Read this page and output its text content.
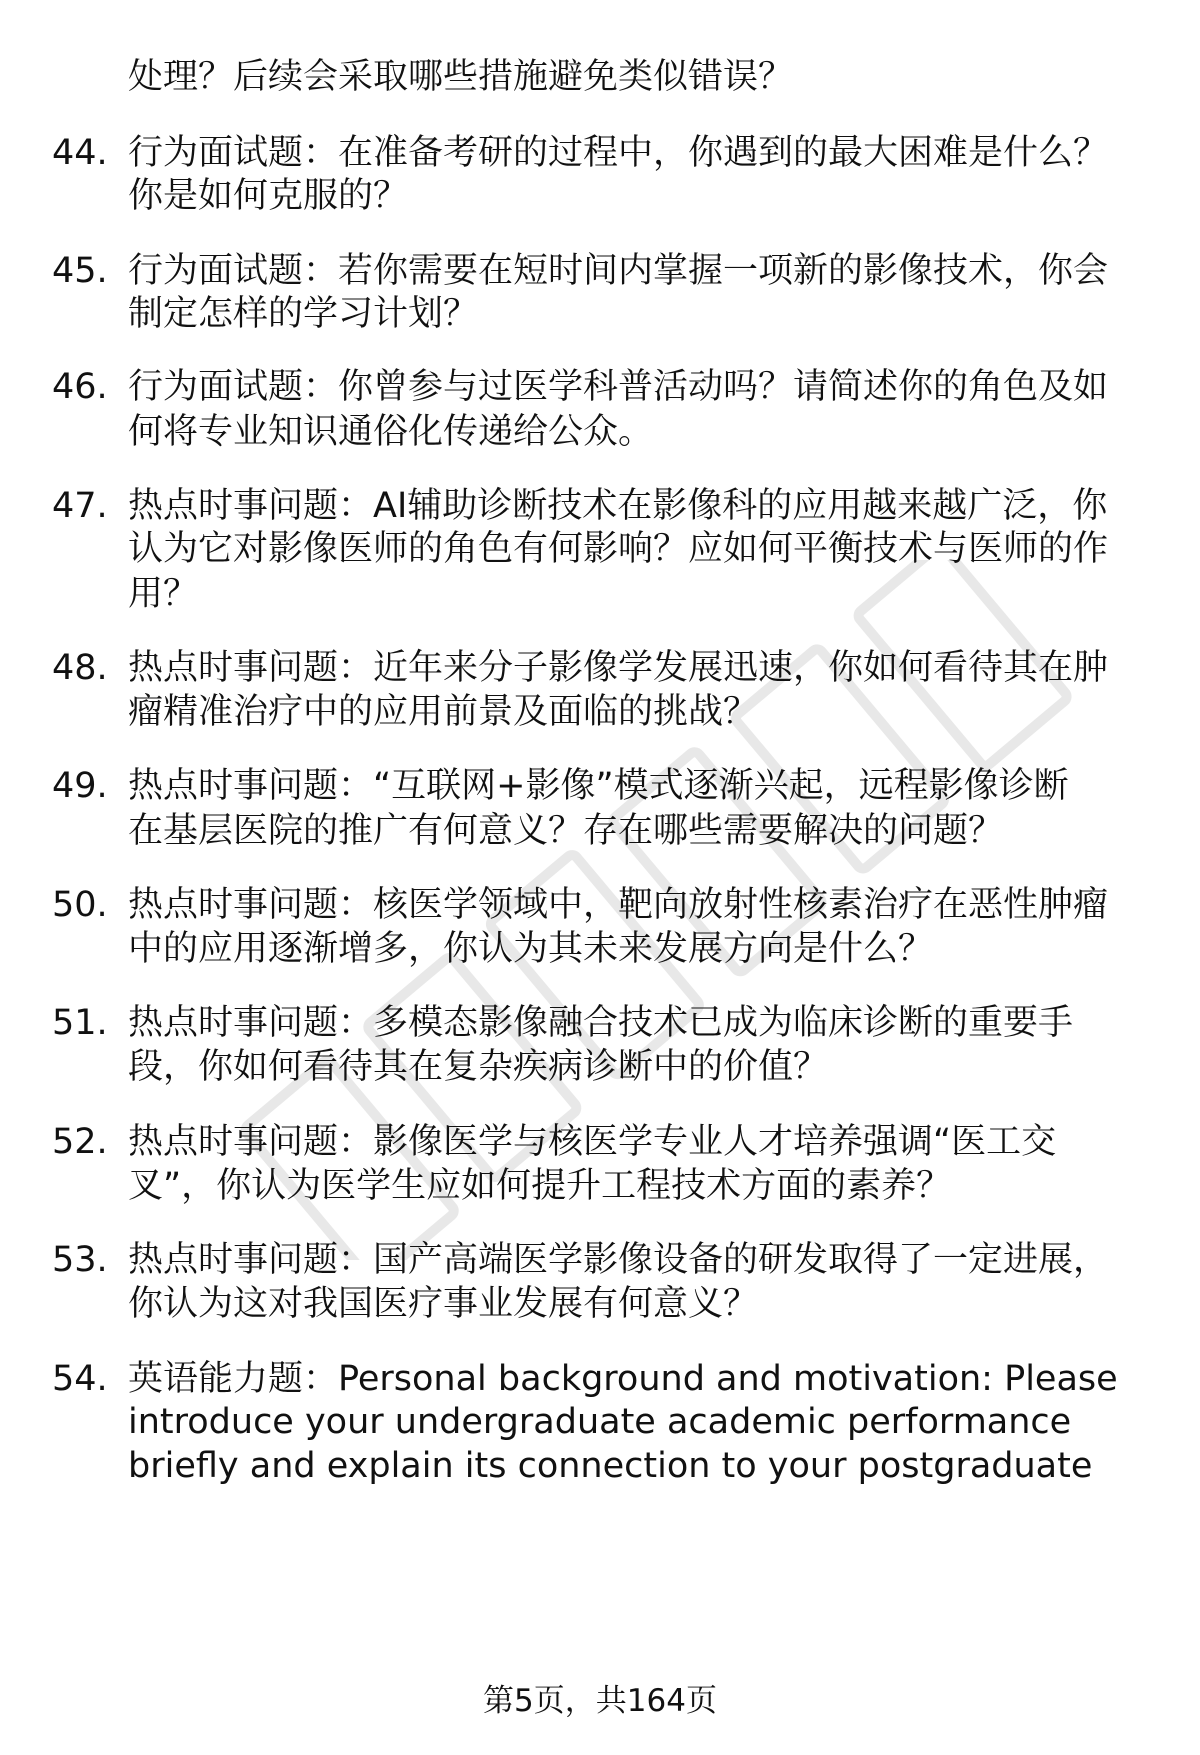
处理？后续会采取哪些措施避免类似错误？
44. 行为面试题：在准备考研的过程中，你遇到的最大困难是什么？
你是如何克服的？
45. 行为面试题：若你需要在短时间内掌握一项新的影像技术，你会
制定怎样的学习计划？
46. 行为面试题：你曾参与过医学科普活动吗？请简述你的角色及如
何将专业知识通俗化传递给公众。
47. 热点时事问题：AI辅助诊断技术在影像科的应用越来越广泛，你
认为它对影像医师的角色有何影响？应如何平衡技术与医师的作
用？
48. 热点时事问题：近年来分子影像学发展迅速，你如何看待其在肿
瘤精准治疗中的应用前景及面临的挑战？
49. 热点时事问题：“互联网+影像”模式逐渐兴起，远程影像诊断
在基层医院的推广有何意义？存在哪些需要解决的问题？
50. 热点时事问题：核医学领域中，靶向放射性核素治疗在恶性肿瘤
中的应用逐渐增多，你认为其未来发展方向是什么？
51. 热点时事问题：多模态影像融合技术已成为临床诊断的重要手
段，你如何看待其在复杂疾病诊断中的价值？
52. 热点时事问题：影像医学与核医学专业人才培养强调“医工交
叉”，你认为医学生应如何提升工程技术方面的素养？
53. 热点时事问题：国产高端医学影像设备的研发取得了一定进展，
你认为这对我国医疗事业发展有何意义？
54. 英语能力题：Personal background and motivation: Please
introduce your undergraduate academic performance
briefly and explain its connection to your postgraduate
第5页，共164页
